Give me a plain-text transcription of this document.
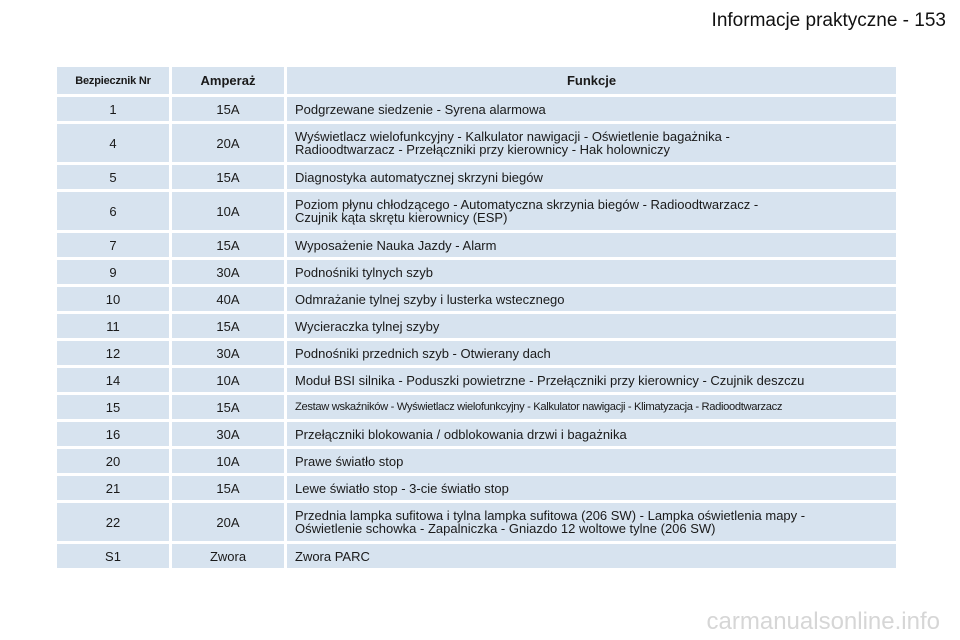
Informacje praktyczne - 153
Bezpiecznik Nr	Amperaż	Funkcje
1	15A	Podgrzewane siedzenie - Syrena alarmowa
4	20A	Wyświetlacz wielofunkcyjny - Kalkulator nawigacji - Oświetlenie bagażnika -
Radioodtwarzacz - Przełączniki przy kierownicy - Hak holowniczy
5	15A	Diagnostyka automatycznej skrzyni biegów
6	10A	Poziom płynu chłodzącego - Automatyczna skrzynia biegów - Radioodtwarzacz -
Czujnik kąta skrętu kierownicy (ESP)
7	15A	Wyposażenie Nauka Jazdy - Alarm
9	30A	Podnośniki tylnych szyb
10	40A	Odmrażanie tylnej szyby i lusterka wstecznego
11	15A	Wycieraczka tylnej szyby
12	30A	Podnośniki przednich szyb - Otwierany dach
14	10A	Moduł BSI silnika - Poduszki powietrzne - Przełączniki przy kierownicy - Czujnik deszczu
15	15A	Zestaw wskaźników - Wyświetlacz wielofunkcyjny - Kalkulator nawigacji - Klimatyzacja - Radioodtwarzacz
16	30A	Przełączniki blokowania / odblokowania drzwi i bagażnika
20	10A	Prawe światło stop
21	15A	Lewe światło stop - 3-cie światło stop
22	20A	Przednia lampka sufitowa i tylna lampka sufitowa (206 SW) - Lampka oświetlenia mapy -
Oświetlenie schowka - Zapalniczka - Gniazdo 12 woltowe tylne (206 SW)
S1	Zwora	Zwora PARC
carmanualsonline.info
